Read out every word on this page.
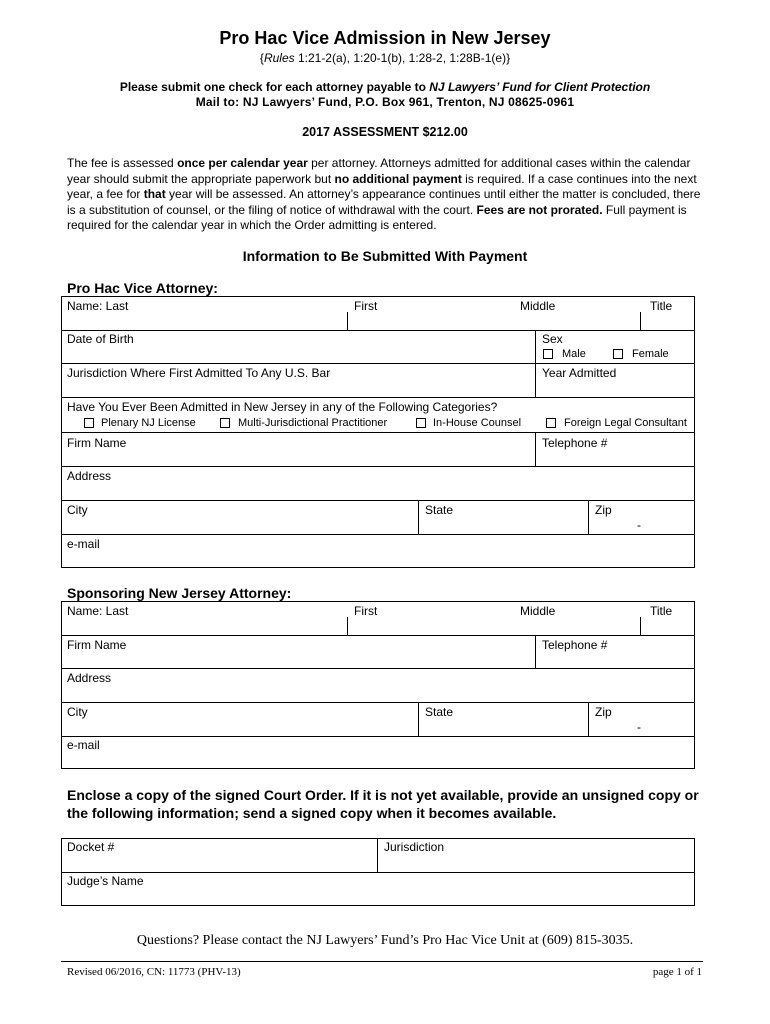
Pro Hac Vice Admission in New Jersey
{Rules 1:21-2(a), 1:20-1(b), 1:28-2, 1:28B-1(e)}
Please submit one check for each attorney payable to NJ Lawyers’ Fund for Client Protection
Mail to: NJ Lawyers’ Fund, P.O. Box 961, Trenton, NJ 08625-0961
2017 ASSESSMENT $212.00
The fee is assessed once per calendar year per attorney. Attorneys admitted for additional cases within the calendar year should submit the appropriate paperwork but no additional payment is required. If a case continues into the next year, a fee for that year will be assessed. An attorney’s appearance continues until either the matter is concluded, there is a substitution of counsel, or the filing of notice of withdrawal with the court. Fees are not prorated. Full payment is required for the calendar year in which the Order admitting is entered.
Information to Be Submitted With Payment
Pro Hac Vice Attorney:
Name: Last	First	Middle	Title
Date of Birth	Sex
Male	Female
Jurisdiction Where First Admitted To Any U.S. Bar	Year Admitted
Have You Ever Been Admitted in New Jersey in any of the Following Categories?
Plenary NJ License	Multi-Jurisdictional Practitioner	In-House Counsel	Foreign Legal Consultant
Firm Name	Telephone #
Address
City	State	Zip
-
e-mail
Sponsoring New Jersey Attorney:
Name: Last	First	Middle	Title
Firm Name	Telephone #
Address
City	State	Zip
-
e-mail
Enclose a copy of the signed Court Order. If it is not yet available, provide an unsigned copy or the following information; send a signed copy when it becomes available.
Docket #	Jurisdiction
Judge’s Name
Questions? Please contact the NJ Lawyers’ Fund’s Pro Hac Vice Unit at (609) 815-3035.
Revised 06/2016, CN: 11773 (PHV-13)	page 1 of 1
